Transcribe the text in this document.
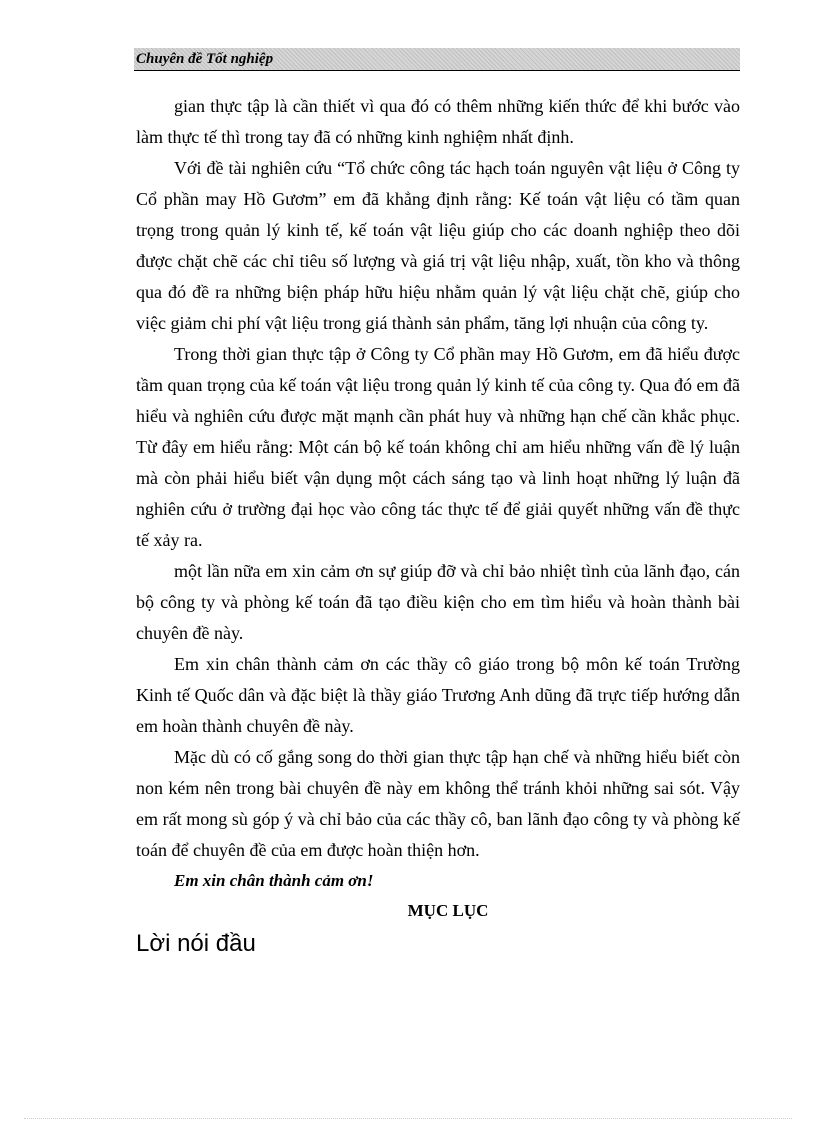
Chuyên đề Tốt nghiệp

gian thực tập là cần thiết vì qua đó có thêm những kiến thức để khi bước vào làm thực tế thì trong tay đã có những kinh nghiệm nhất định.

Với đề tài nghiên cứu “Tổ chức công tác hạch toán nguyên vật liệu ở Công ty Cổ phần may Hồ Gươm” em đã khẳng định rằng: Kế toán vật liệu có tầm quan trọng trong quản lý kinh tế, kế toán vật liệu giúp cho các doanh nghiệp theo dõi được chặt chẽ các chỉ tiêu số lượng và giá trị vật liệu nhập, xuất, tồn kho và thông qua đó đề ra những biện pháp hữu hiệu nhằm quản lý vật liệu chặt chẽ, giúp cho việc giảm chi phí vật liệu trong giá thành sản phẩm, tăng lợi nhuận của công ty.

Trong thời gian thực tập ở Công ty Cổ phần may Hồ Gươm, em đã hiểu được tầm quan trọng của kế toán vật liệu trong quản lý kinh tế của công ty. Qua đó em đã hiểu và nghiên cứu được mặt mạnh cần phát huy và những hạn chế cần khắc phục. Từ đây em hiểu rằng: Một cán bộ kế toán không chỉ am hiểu những vấn đề lý luận mà còn phải hiểu biết vận dụng một cách sáng tạo và linh hoạt những lý luận đã nghiên cứu ở trường đại học vào công tác thực tế để giải quyết những vấn đề thực tế xảy ra.

một lần nữa em xin cảm ơn sự giúp đỡ và chỉ bảo nhiệt tình của lãnh đạo, cán bộ công ty và phòng kế toán đã tạo điều kiện cho em tìm hiểu và hoàn thành bài chuyên đề này.

Em xin chân thành cảm ơn các thầy cô giáo trong bộ môn kế toán Trường Kinh tế Quốc dân và đặc biệt là thầy giáo Trương Anh dũng đã trực tiếp hướng dẫn em hoàn thành chuyên đề này.

Mặc dù có cố gắng song do thời gian thực tập hạn chế và những hiểu biết còn non kém nên trong bài chuyên đề này em không thể tránh khỏi những sai sót. Vậy em rất mong sù góp ý và chỉ bảo của các thầy cô, ban lãnh đạo công ty và phòng kế toán để chuyên đề của em được hoàn thiện hơn.

Em xin chân thành cảm ơn!

MỤC LỤC

Lời nói đầu
